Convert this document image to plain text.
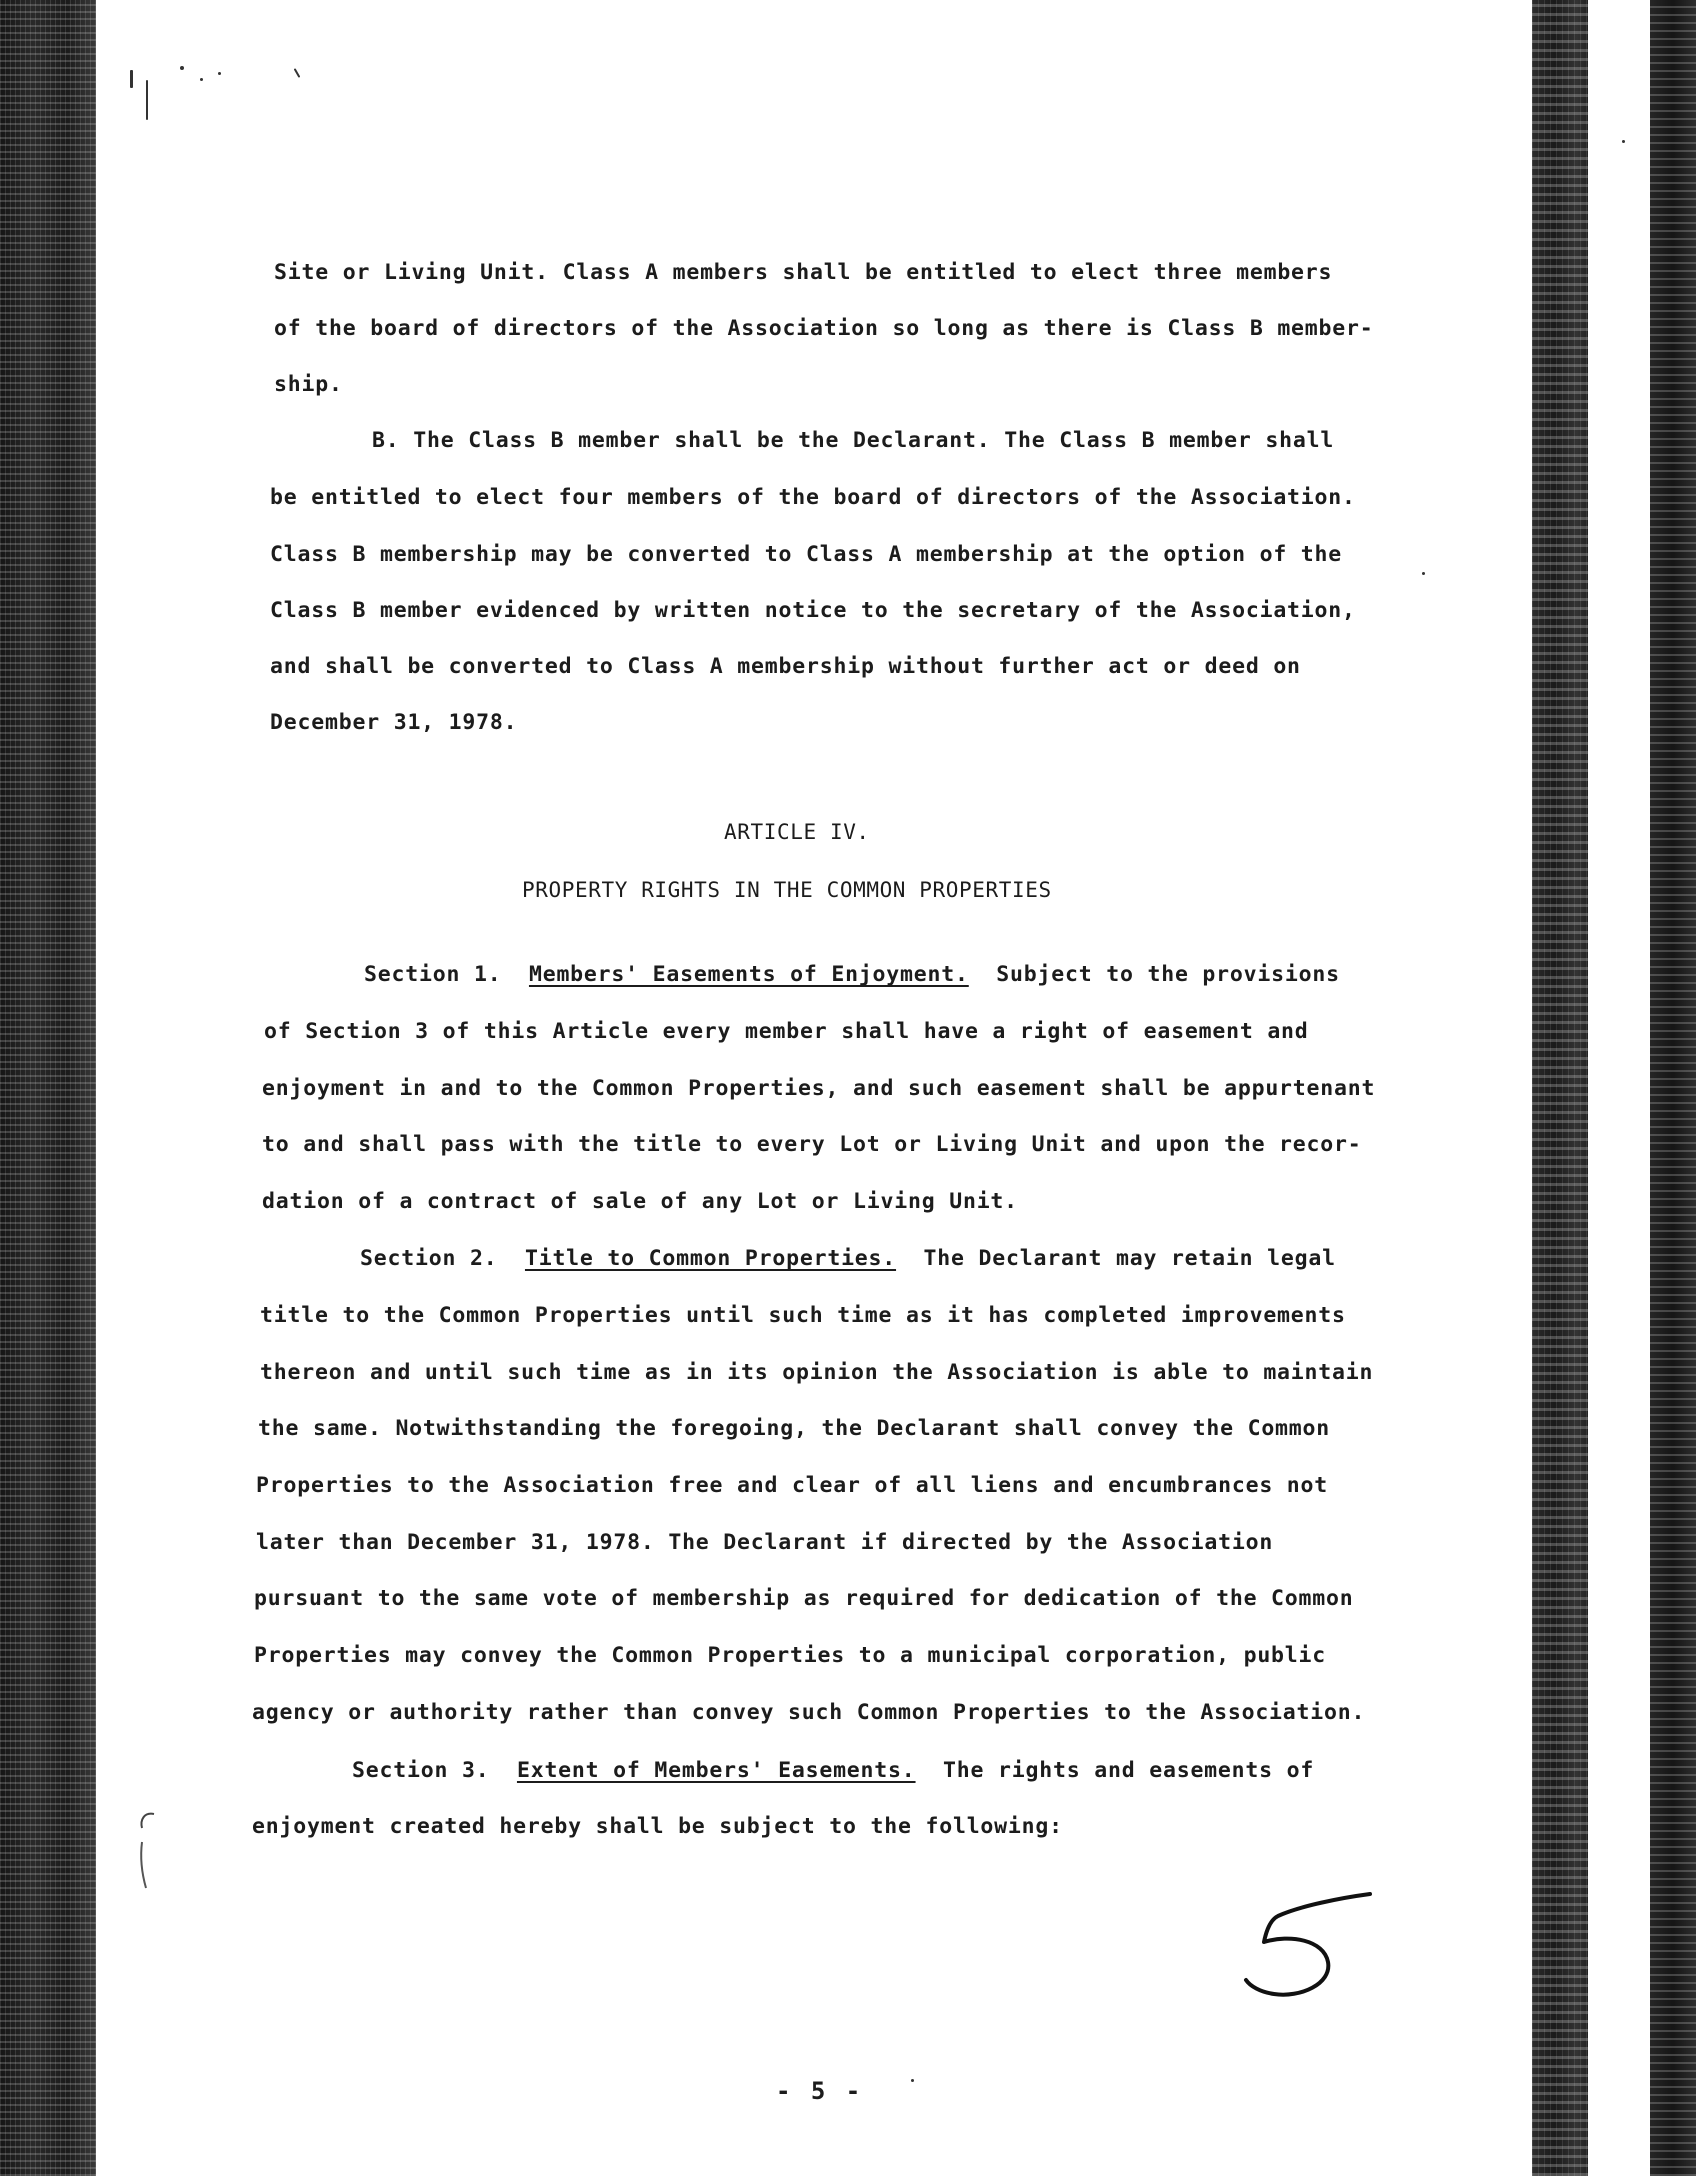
Site or Living Unit. Class A members shall be entitled to elect three members
of the board of directors of the Association so long as there is Class B member-
ship.
B. The Class B member shall be the Declarant. The Class B member shall
be entitled to elect four members of the board of directors of the Association.
Class B membership may be converted to Class A membership at the option of the
Class B member evidenced by written notice to the secretary of the Association,
and shall be converted to Class A membership without further act or deed on
December 31, 1978.
ARTICLE IV.
PROPERTY RIGHTS IN THE COMMON PROPERTIES
Section 1. Members' Easements of Enjoyment. Subject to the provisions
of Section 3 of this Article every member shall have a right of easement and
enjoyment in and to the Common Properties, and such easement shall be appurtenant
to and shall pass with the title to every Lot or Living Unit and upon the recor-
dation of a contract of sale of any Lot or Living Unit.
Section 2. Title to Common Properties. The Declarant may retain legal
title to the Common Properties until such time as it has completed improvements
thereon and until such time as in its opinion the Association is able to maintain
the same. Notwithstanding the foregoing, the Declarant shall convey the Common
Properties to the Association free and clear of all liens and encumbrances not
later than December 31, 1978. The Declarant if directed by the Association
pursuant to the same vote of membership as required for dedication of the Common
Properties may convey the Common Properties to a municipal corporation, public
agency or authority rather than convey such Common Properties to the Association.
Section 3. Extent of Members' Easements. The rights and easements of
enjoyment created hereby shall be subject to the following:
- 5 -
